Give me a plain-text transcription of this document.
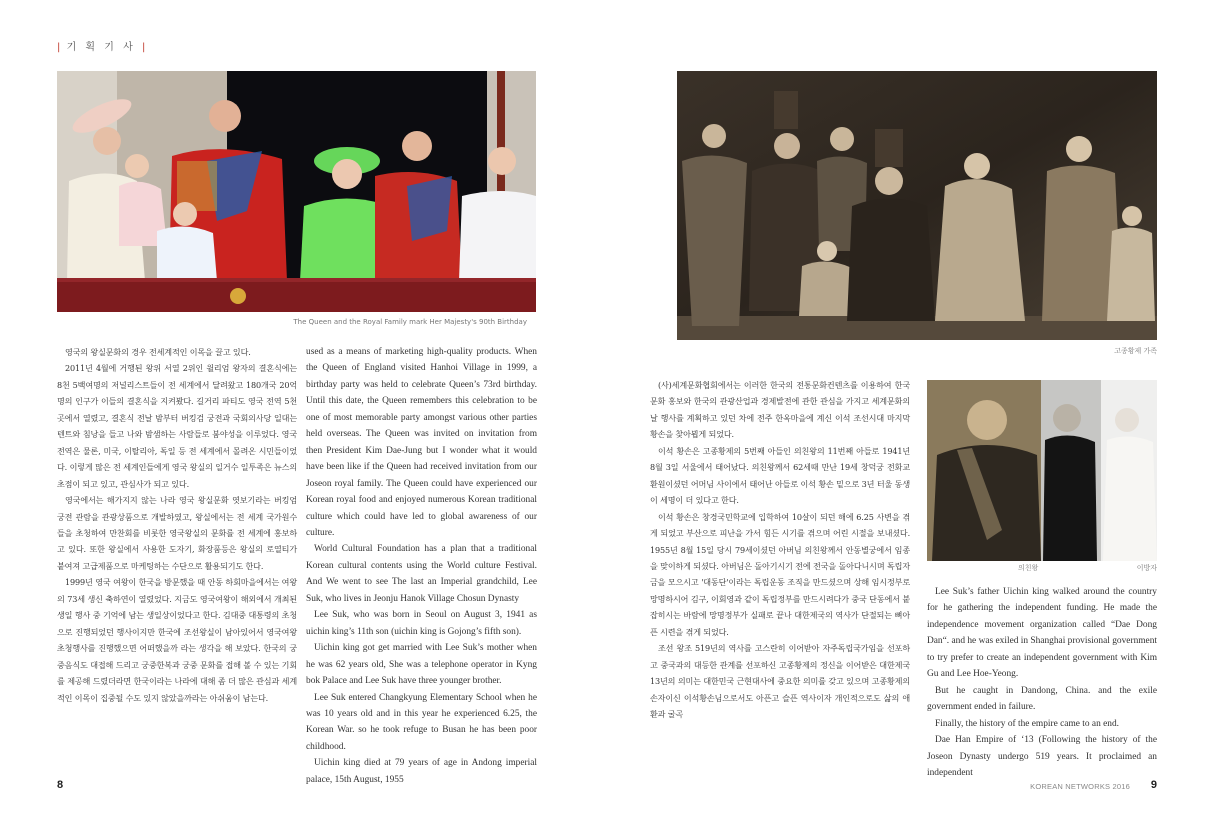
| 기 획 기 사 |
The Queen and the Royal Family mark Her Majesty's 90th Birthday

영국의 왕실문화의 경우 전세계적인 이목을 끌고 있다.

2011년 4월에 거행된 왕위 서열 2위인 윌리엄 왕자의 결혼식에는 8천 5백여명의 저널리스트들이 전 세계에서 달려왔고 180개국 20억 명의 인구가 이들의 결혼식을 지켜봤다. 길거리 파티도 영국 전역 5천 곳에서 열렸고, 결혼식 전날 밤부터 버킹검 궁전과 국회의사당 일대는 텐트와 침낭을 들고 나와 밤샘하는 사람들로 붐야성을 이루었다. 영국 전역은 물론, 미국, 이탈리아, 독일 등 전 세계에서 몰려온 시민들이었다. 이렇게 많은 전 세계인들에게 영국 왕실의 일거수 일투족은 뉴스의 초점이 되고 있고, 관심사가 되고 있다.

영국에서는 해가지지 않는 나라 영국 왕실문화 엿보기라는 버킹엄 궁전 관람을 관광상품으로 개발하였고, 왕실에서는 전 세계 국가원수들을 초청하여 만찬회를 비롯한 영국왕실의 문화를 전 세계에 홍보하고 있다. 또한 왕실에서 사용한 도자기, 화장품등은 왕실의 로열티가 붙여져 고급제품으로 마케팅하는 수단으로 활용되기도 한다.

1999년 영국 여왕이 한국을 방문했을 때 안동 하회마을에서는 여왕의 73세 생신 축하연이 열렸었다. 지금도 영국여왕이 해외에서 개최된 생일 행사 중 기억에 남는 생일상이었다고 한다. 김대중 대통령의 초청으로 진행되었던 행사이지만 한국에 조선왕실이 남아있어서 영국여왕 초청행사를 진행했으면 어떠했을까 라는 생각을 해 보았다. 한국의 궁중음식도 대접해 드리고 궁중한복과 궁중 문화를 접해 볼 수 있는 기회를 제공해 드렸더라면 한국이라는 나라에 대해 좀 더 많은 관심과 세계적인 이목이 집중될 수도 있지 않았을까라는 아쉬움이 남는다.

used as a means of marketing high-quality products. When the Queen of England visited Hanhoi Village in 1999, a birthday party was held to celebrate Queen’s 73rd birthday. Until this date, the Queen remembers this celebration to be one of most memorable party amongst various other parties held overseas. The Queen was invited on invitation from then President Kim Dae-Jung but I wonder what it would have been like if the Queen had received invitation from our Joseon royal family. The Queen could have experienced our Korean royal food and enjoyed numerous Korean traditional culture which could have led to global awareness of our culture.

World Cultural Foundation has a plan that a traditional Korean cultural contents using the World culture Festival. And We went to see The last an Imperial grandchild, Lee Suk, who lives in Jeonju Hanok Village Chosun Dynasty

Lee Suk, who was born in Seoul on August 3, 1941 as uichin king’s 11th son (uichin king is Gojong’s fifth son).

Uichin king got get married with Lee Suk’s mother when he was 62 years old, She was a telephone operator in Kyng bok Palace and Lee Suk have three younger brother.

Lee Suk entered Changkyung Elementary School when he was 10 years old and in this year he experienced 6.25, the Korean War. so he took refuge to Busan he has been poor childhood.

Uichin king died at 79 years of age in Andong imperial palace, 15th August, 1955

8
고종황제 가족

(사)세계문화협회에서는 이러한 한국의 전통문화컨텐츠를 이용하여 한국 문화 홍보와 한국의 관광산업과 경제발전에 관한 관심을 가지고 세계문화의 날 행사를 계획하고 있던 차에 전주 한옥마을에 계신 이석 조선시대 마지막 황손을 찾아뵙게 되었다.

이석 황손은 고종황제의 5번째 아들인 의친왕의 11번째 아들로 1941년 8월 3일 서울에서 태어났다. 의친왕께서 62세때 만난 19세 창덕궁 전화교환원이셨던 어머님 사이에서 태어난 아들로 이석 황손 밑으로 3년 터울 동생이 세명이 더 있다고 한다.

이석 황손은 창경국민학교에 입학하여 10살이 되던 해에 6.25 사변을 겪게 되었고 부산으로 피난을 가서 힘든 시기를 겪으며 어린 시절을 보내셨다. 1955년 8월 15일 당시 79세이셨던 아버님 의친왕께서 안동별궁에서 임종을 맞이하게 되셨다. 아버님은 돌아기시기 전에 전국을 돌아다니시며 독립자금을 모으시고 '대동단'이라는 독립운동 조직을 만드셨으며 상해 임시정부로 망명하시어 김구, 이회영과 같이 독립정부를 만드시려다가 중국 단동에서 붙잡히시는 바람에 망명정부가 실패로 끝나 대한제국의 역사가 단절되는 뼈아픈 시련을 겪게 되었다.

조선 왕조 519년의 역사를 고스란히 이어받아 자주독립국가임을 선포하고 중국과의 대등한 관계를 선포하신 고종황제의 정신을 이어받은 대한제국 13년의 의미는 대한민국 근현대사에 중요한 의미를 갖고 있으며 고종황제의 손자이신 이석황손님으로서도 아픈고 슬픈 역사이자 개인적으로도 삶의 애환과 굴곡

의친왕	이방자

Lee Suk’s father Uichin king walked around the country for he gathering the independent funding. He made the independence movement organization called “Dae Dong Dan“. and he was exiled in Shanghai provisional government to try prefer to create an independent government with Kim Gu and Lee Hoe-Yeong.

But he caught in Dandong, China. and the exile government ended in failure.

Finally, the history of the empire came to an end.

Dae Han Empire of ‘13 (Following the history of the Joseon Dynasty undergo 519 years. It proclaimed an independent

KOREAN NETWORKS 2016 9
